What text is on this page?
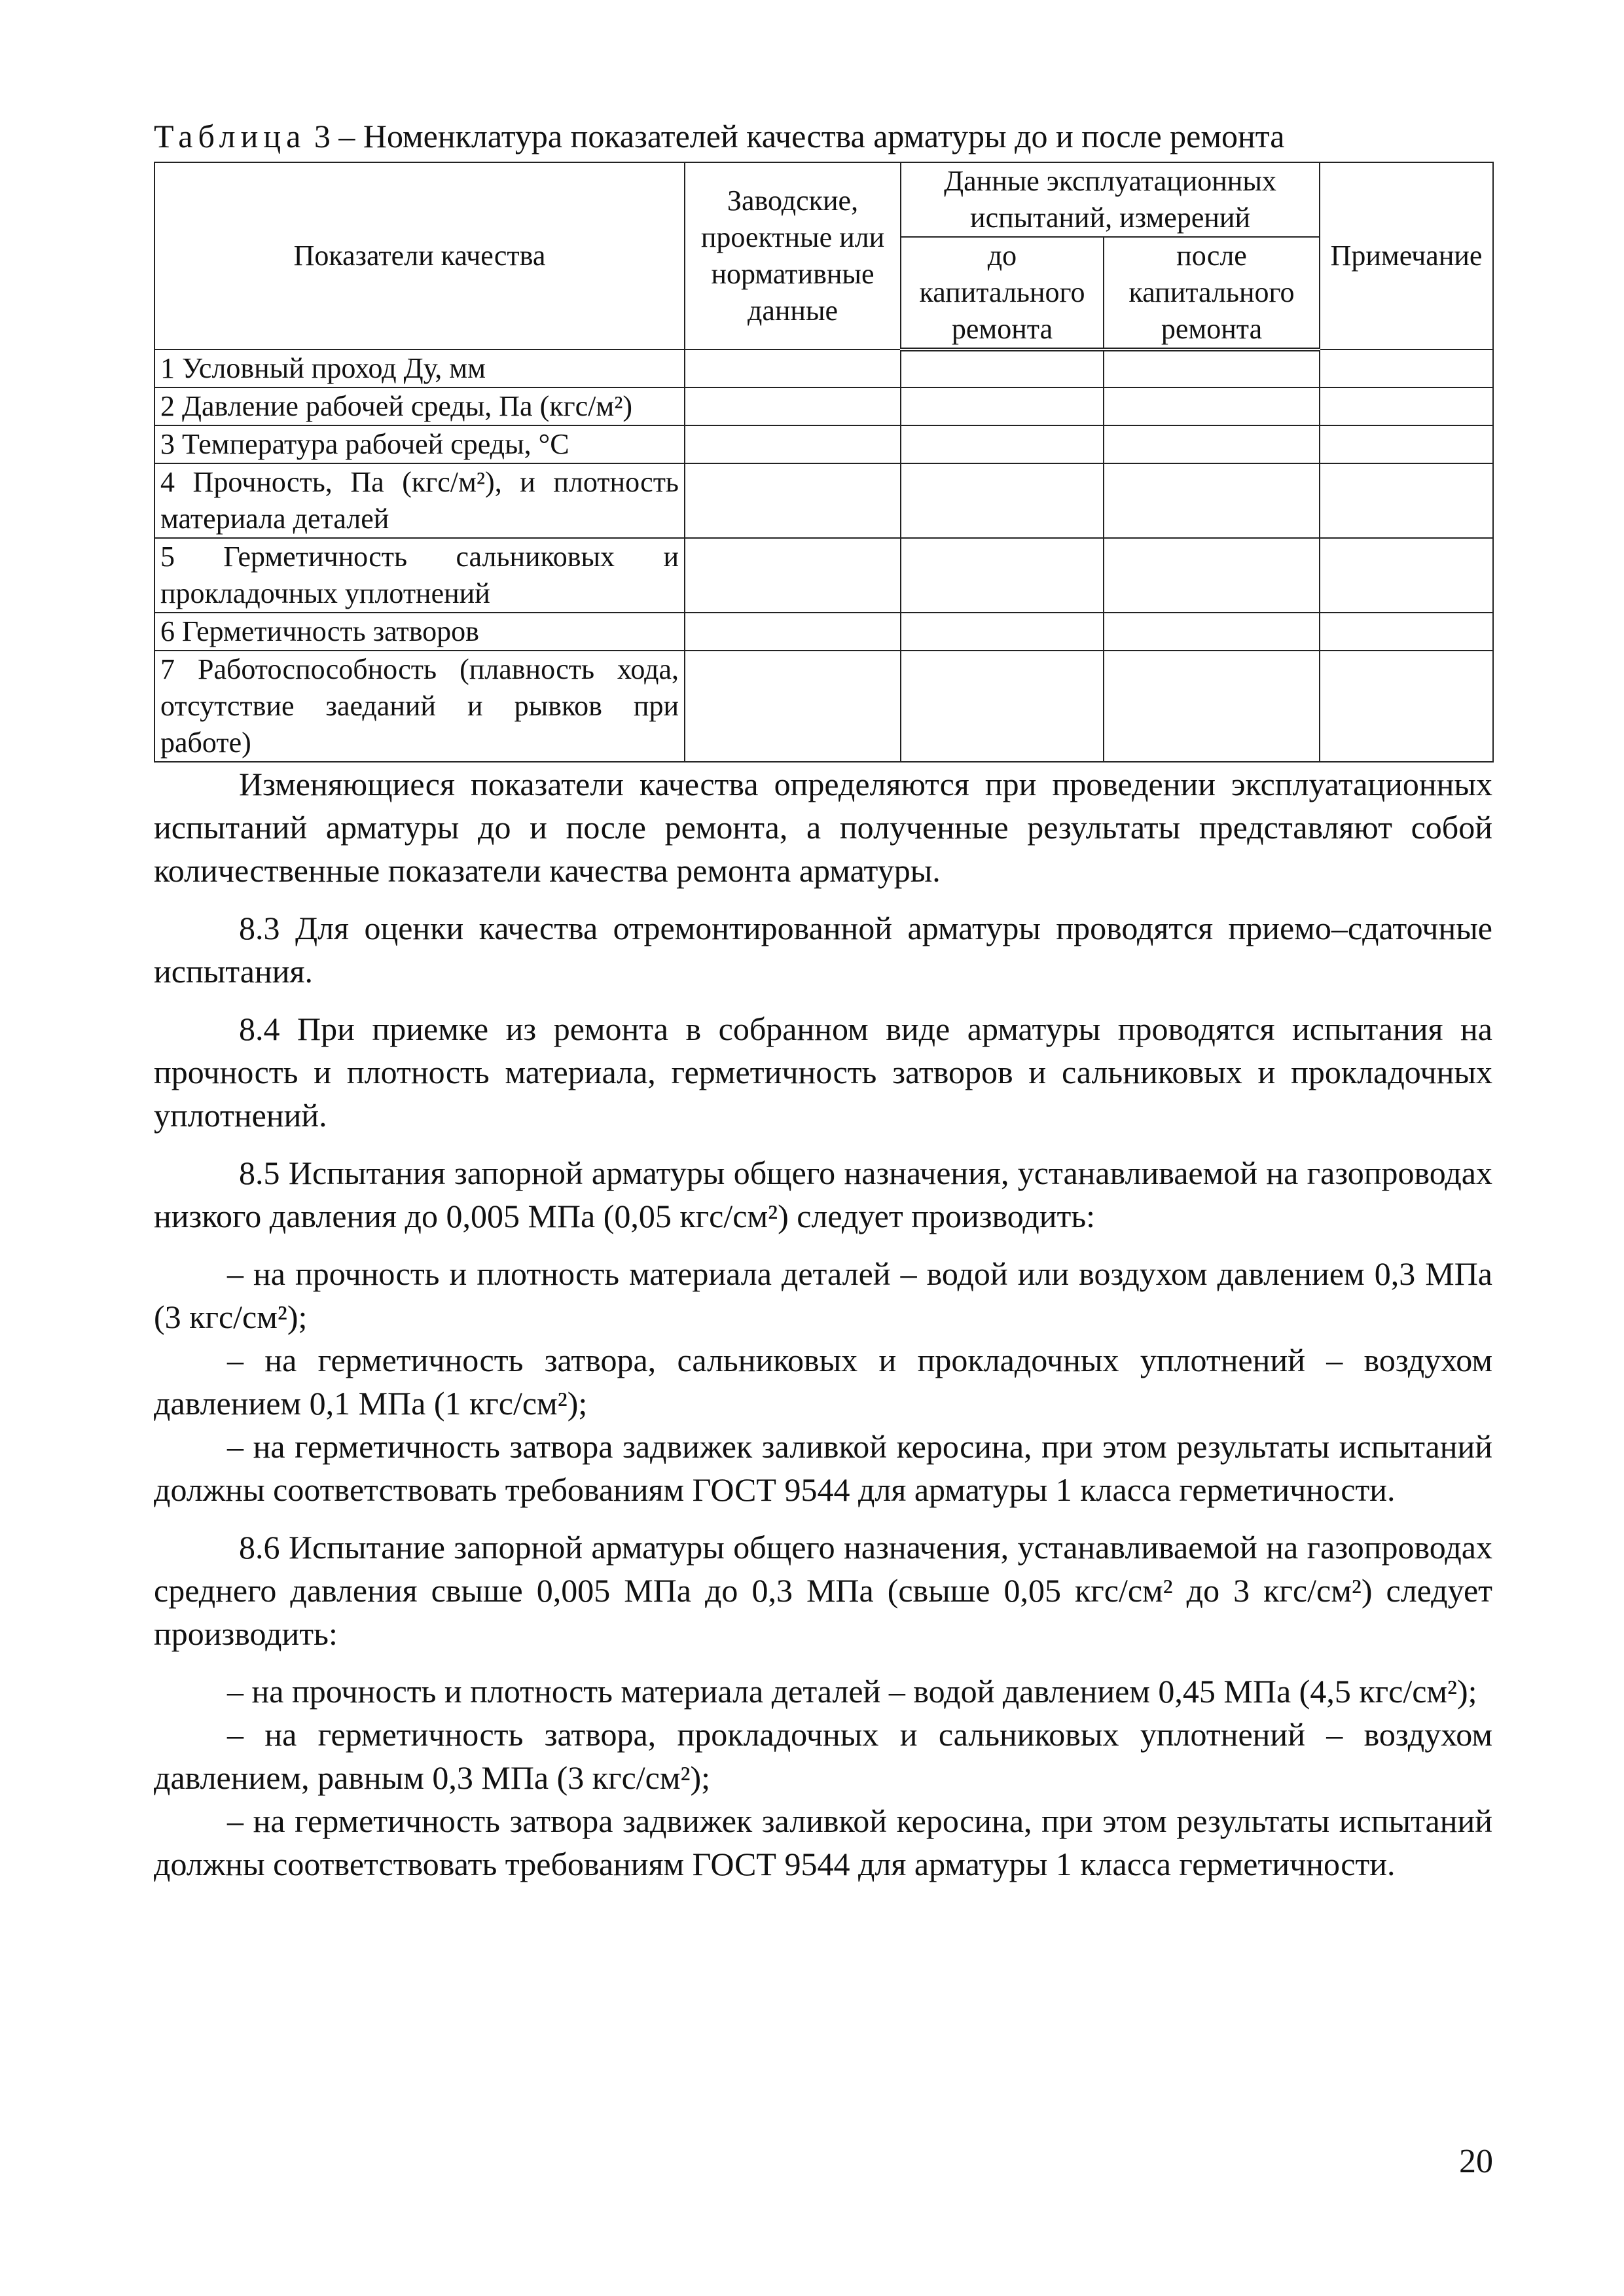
Таблица 3 – Номенклатура показателей качества арматуры до и после ремонта
Показатели качества	Заводские, проектные или нормативные данные	Данные эксплуатационных испытаний, измерений		Примечание
		до капитального ремонта	после капитального ремонта	
1 Условный проход Ду, мм				
2 Давление рабочей среды, Па (кгс/м²)				
3 Температура рабочей среды, °С				
4 Прочность, Па (кгс/м²), и плотность материала деталей				
5 Герметичность сальниковых и прокладочных уплотнений				
6 Герметичность затворов				
7 Работоспособность (плавность хода, отсутствие заеданий и рывков при работе)				

Изменяющиеся показатели качества определяются при проведении эксплуатационных испытаний арматуры до и после ремонта, а полученные результаты представляют собой количественные показатели качества ремонта арматуры.

8.3 Для оценки качества отремонтированной арматуры проводятся приемо–сдаточные испытания.

8.4 При приемке из ремонта в собранном виде арматуры проводятся испытания на прочность и плотность материала, герметичность затворов и сальниковых и прокладочных уплотнений.

8.5 Испытания запорной арматуры общего назначения, устанавливаемой на газопроводах низкого давления до 0,005 МПа (0,05 кгс/см²) следует производить:

– на прочность и плотность материала деталей – водой или воздухом давлением 0,3 МПа (3 кгс/см²);

– на герметичность затвора, сальниковых и прокладочных уплотнений – воздухом давлением 0,1 МПа (1 кгс/см²);

– на герметичность затвора задвижек заливкой керосина, при этом результаты испытаний должны соответствовать требованиям ГОСТ 9544 для арматуры 1 класса герметичности.

8.6 Испытание запорной арматуры общего назначения, устанавливаемой на газопроводах среднего давления свыше 0,005 МПа до 0,3 МПа (свыше 0,05 кгс/см² до 3 кгс/см²) следует производить:

– на прочность и плотность материала деталей – водой давлением 0,45 МПа (4,5 кгс/см²);

– на герметичность затвора, прокладочных и сальниковых уплотнений – воздухом давлением, равным 0,3 МПа (3 кгс/см²);

– на герметичность затвора задвижек заливкой керосина, при этом результаты испытаний должны соответствовать требованиям ГОСТ 9544 для арматуры 1 класса герметичности.

20
